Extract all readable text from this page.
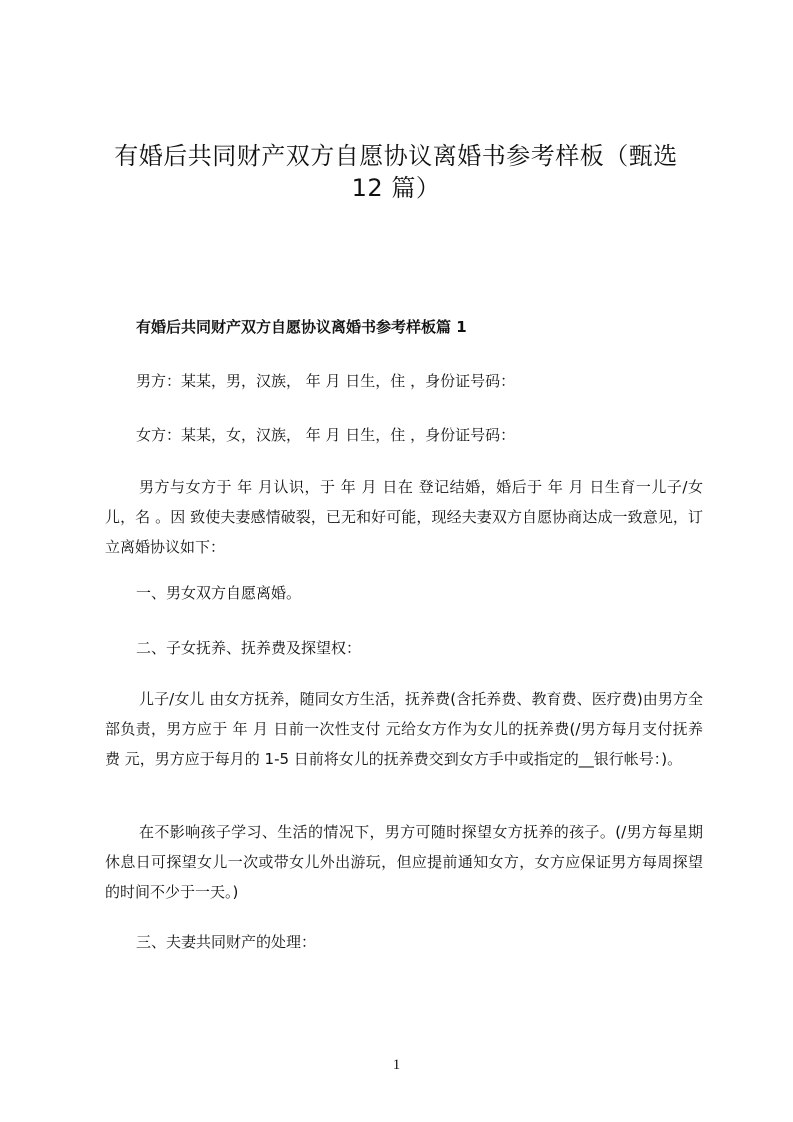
有婚后共同财产双方自愿协议离婚书参考样板（甄选 12 篇）
有婚后共同财产双方自愿协议离婚书参考样板篇 1
男方：某某，男，汉族， 年 月 日生，住 ，身份证号码：
女方：某某，女，汉族， 年 月 日生，住 ，身份证号码：
男方与女方于 年 月认识，于 年 月 日在 登记结婚，婚后于 年 月 日生育一儿子/女儿，名 。因 致使夫妻感情破裂，已无和好可能，现经夫妻双方自愿协商达成一致意见，订立离婚协议如下：
一、男女双方自愿离婚。
二、子女抚养、抚养费及探望权：
儿子/女儿 由女方抚养，随同女方生活，抚养费(含托养费、教育费、医疗费)由男方全部负责，男方应于 年 月 日前一次性支付 元给女方作为女儿的抚养费(/男方每月支付抚养费 元，男方应于每月的 1-5 日前将女儿的抚养费交到女方手中或指定的__银行帐号：)。
在不影响孩子学习、生活的情况下，男方可随时探望女方抚养的孩子。(/男方每星期休息日可探望女儿一次或带女儿外出游玩，但应提前通知女方，女方应保证男方每周探望的时间不少于一天。)
三、夫妻共同财产的处理：
1
